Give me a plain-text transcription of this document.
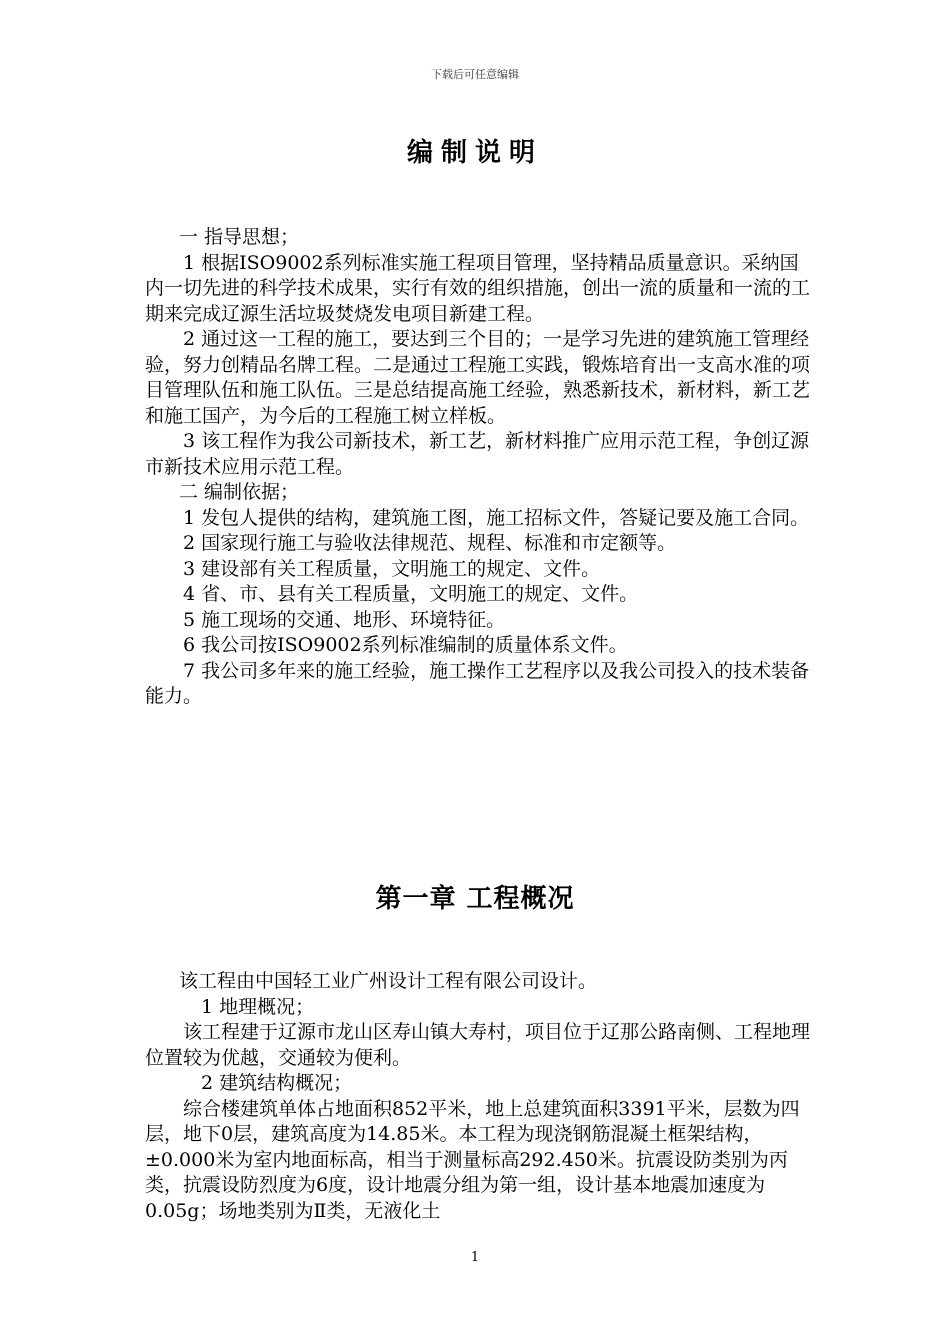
下载后可任意编辑
编制说明

一 指导思想；

1 根据ISO9002系列标准实施工程项目管理，坚持精品质量意识。采纳国内一切先进的科学技术成果，实行有效的组织措施，创出一流的质量和一流的工期来完成辽源生活垃圾焚烧发电项目新建工程。

2 通过这一工程的施工，要达到三个目的；一是学习先进的建筑施工管理经验，努力创精品名牌工程。二是通过工程施工实践，锻炼培育出一支高水准的项目管理队伍和施工队伍。三是总结提高施工经验，熟悉新技术，新材料，新工艺和施工国产，为今后的工程施工树立样板。

3 该工程作为我公司新技术，新工艺，新材料推广应用示范工程，争创辽源市新技术应用示范工程。

二 编制依据；

1 发包人提供的结构，建筑施工图，施工招标文件，答疑记要及施工合同。

2 国家现行施工与验收法律规范、规程、标准和市定额等。

3 建设部有关工程质量，文明施工的规定、文件。

4 省、市、县有关工程质量，文明施工的规定、文件。

5 施工现场的交通、地形、环境特征。

6 我公司按ISO9002系列标准编制的质量体系文件。

7 我公司多年来的施工经验，施工操作工艺程序以及我公司投入的技术装备能力。

第一章 工程概况

该工程由中国轻工业广州设计工程有限公司设计。

1 地理概况；

该工程建于辽源市龙山区寿山镇大寿村，项目位于辽那公路南侧、工程地理位置较为优越，交通较为便利。

2 建筑结构概况；

综合楼建筑单体占地面积852平米，地上总建筑面积3391平米，层数为四层，地下0层，建筑高度为14.85米。本工程为现浇钢筋混凝土框架结构，±0.000米为室内地面标高，相当于测量标高292.450米。抗震设防类别为丙类，抗震设防烈度为6度，设计地震分组为第一组，设计基本地震加速度为0.05g；场地类别为Ⅱ类，无液化土

1
